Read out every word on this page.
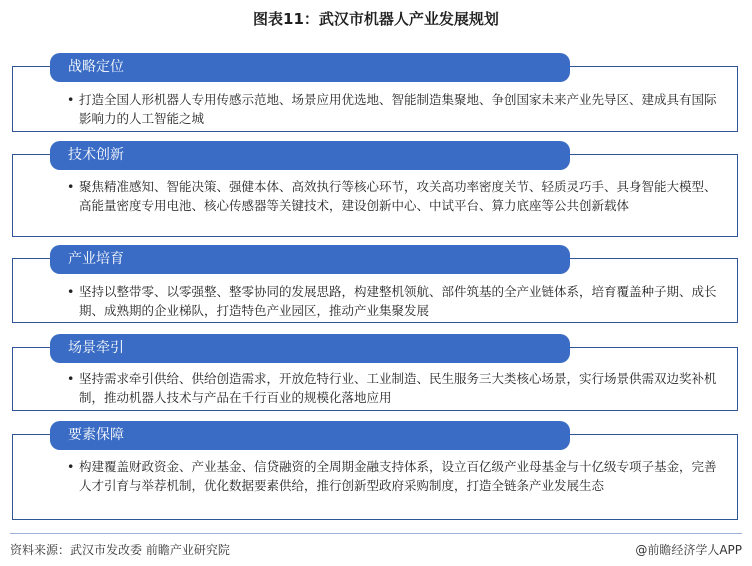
图表11：武汉市机器人产业发展规划
战略定位
• 打造全国人形机器人专用传感示范地、场景应用优选地、智能制造集聚地、争创国家未来产业先导区、建成具有国际影响力的人工智能之城
技术创新
• 聚焦精准感知、智能决策、强健本体、高效执行等核心环节，攻关高功率密度关节、轻质灵巧手、具身智能大模型、高能量密度专用电池、核心传感器等关键技术，建设创新中心、中试平台、算力底座等公共创新载体
产业培育
• 坚持以整带零、以零强整、整零协同的发展思路，构建整机领航、部件筑基的全产业链体系，培育覆盖种子期、成长期、成熟期的企业梯队，打造特色产业园区，推动产业集聚发展
场景牵引
• 坚持需求牵引供给、供给创造需求，开放危特行业、工业制造、民生服务三大类核心场景，实行场景供需双边奖补机制，推动机器人技术与产品在千行百业的规模化落地应用
要素保障
• 构建覆盖财政资金、产业基金、信贷融资的全周期金融支持体系，设立百亿级产业母基金与十亿级专项子基金，完善人才引育与举荐机制，优化数据要素供给，推行创新型政府采购制度，打造全链条产业发展生态
资料来源：武汉市发改委 前瞻产业研究院	@前瞻经济学人APP
